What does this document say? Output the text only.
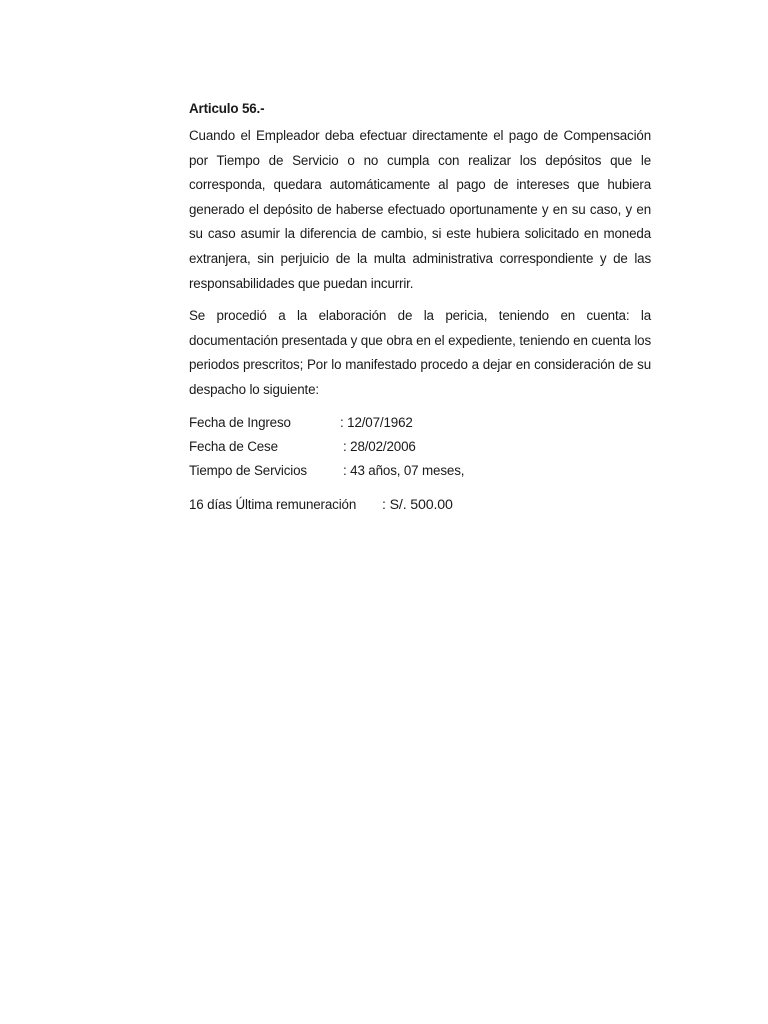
Articulo 56.-

Cuando el Empleador deba efectuar directamente el pago de Compensación por Tiempo de Servicio o no cumpla con realizar los depósitos que le corresponda, quedara automáticamente al pago de intereses que hubiera generado el depósito de haberse efectuado oportunamente y en su caso, y en su caso asumir la diferencia de cambio, si este hubiera solicitado en moneda extranjera, sin perjuicio de la multa administrativa correspondiente y de las responsabilidades que puedan incurrir.

Se procedió a la elaboración de la pericia, teniendo en cuenta: la documentación presentada y que obra en el expediente, teniendo en cuenta los periodos prescritos; Por lo manifestado procedo a dejar en consideración de su despacho lo siguiente:

Fecha de Ingreso	: 12/07/1962
Fecha de Cese	: 28/02/2006
Tiempo de Servicios	: 43 años, 07 meses,
16 días Última remuneración	: S/. 500.00
